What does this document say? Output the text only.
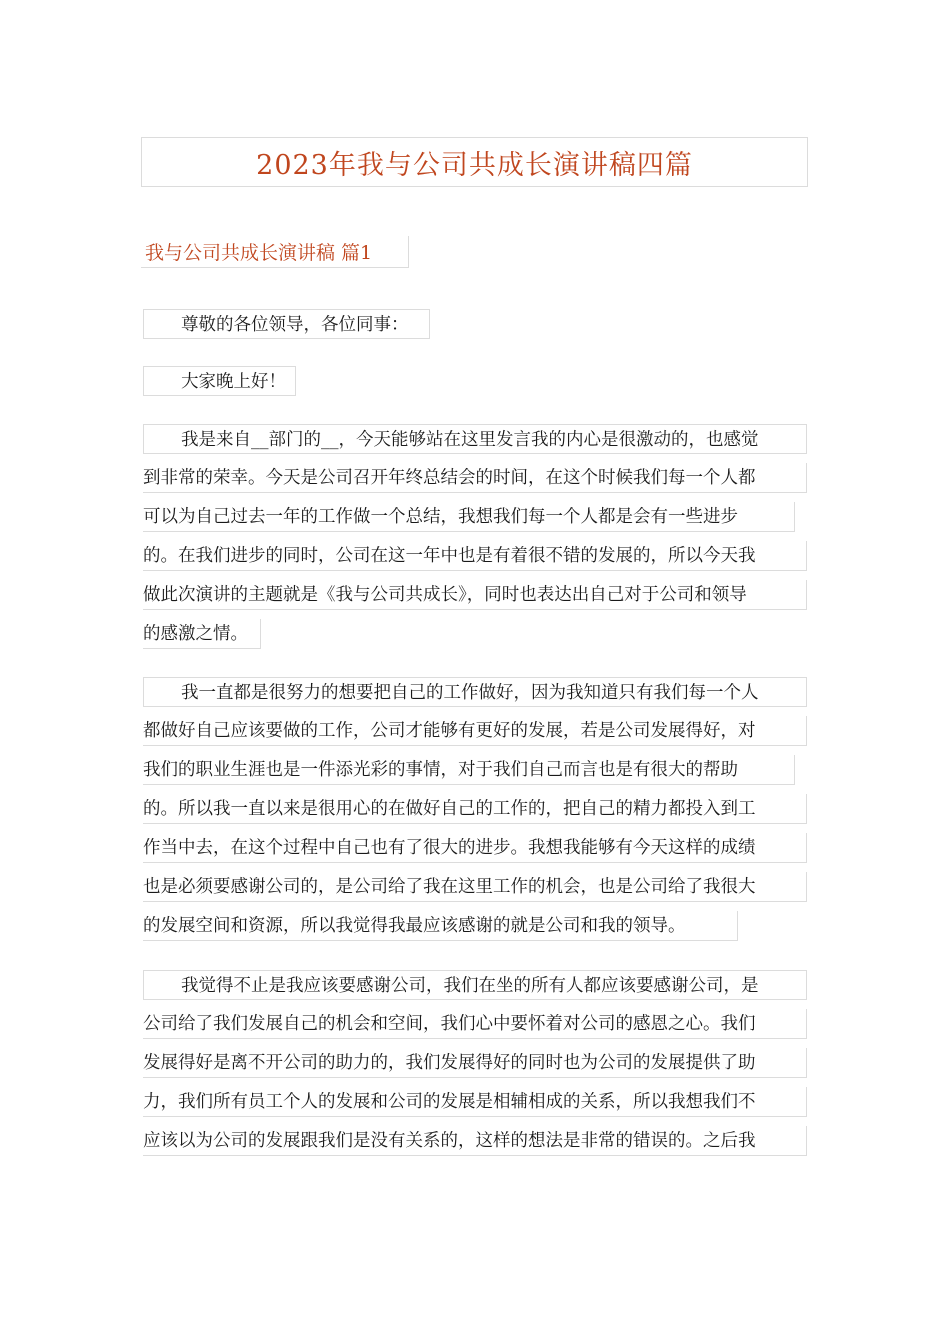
2023年我与公司共成长演讲稿四篇
我与公司共成长演讲稿 篇1
尊敬的各位领导，各位同事：
大家晚上好！
我是来自__部门的__，今天能够站在这里发言我的内心是很激动的，也感觉
到非常的荣幸。今天是公司召开年终总结会的时间，在这个时候我们每一个人都
可以为自己过去一年的工作做一个总结，我想我们每一个人都是会有一些进步
的。在我们进步的同时，公司在这一年中也是有着很不错的发展的，所以今天我
做此次演讲的主题就是《我与公司共成长》，同时也表达出自己对于公司和领导
的感激之情。
我一直都是很努力的想要把自己的工作做好，因为我知道只有我们每一个人
都做好自己应该要做的工作，公司才能够有更好的发展，若是公司发展得好，对
我们的职业生涯也是一件添光彩的事情，对于我们自己而言也是有很大的帮助
的。所以我一直以来是很用心的在做好自己的工作的，把自己的精力都投入到工
作当中去，在这个过程中自己也有了很大的进步。我想我能够有今天这样的成绩
也是必须要感谢公司的，是公司给了我在这里工作的机会，也是公司给了我很大
的发展空间和资源，所以我觉得我最应该感谢的就是公司和我的领导。
我觉得不止是我应该要感谢公司，我们在坐的所有人都应该要感谢公司，是
公司给了我们发展自己的机会和空间，我们心中要怀着对公司的感恩之心。我们
发展得好是离不开公司的助力的，我们发展得好的同时也为公司的发展提供了助
力，我们所有员工个人的发展和公司的发展是相辅相成的关系，所以我想我们不
应该以为公司的发展跟我们是没有关系的，这样的想法是非常的错误的。之后我
